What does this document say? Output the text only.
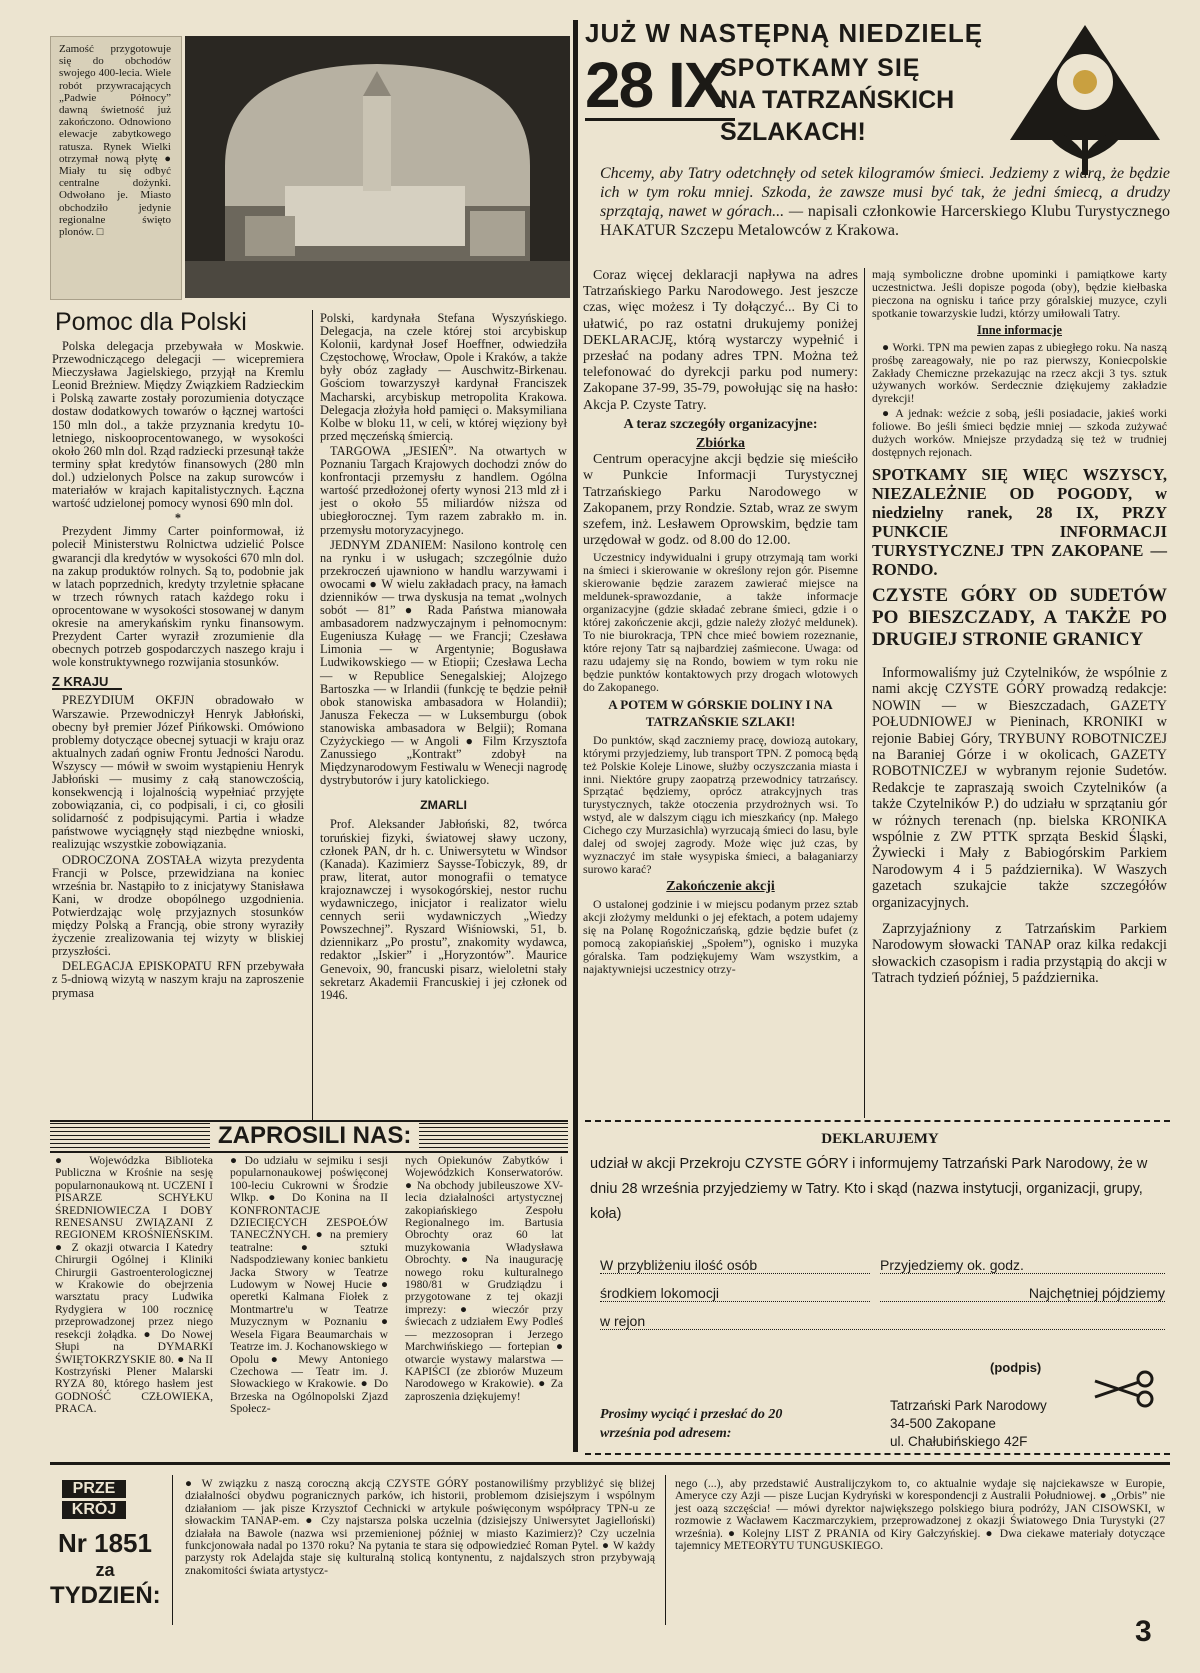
Zamość przygotowuje się do obchodów swojego 400-lecia. Wiele robót przywracających „Padwie Północy” dawną świetność już zakończono. Odnowiono elewacje zabytkowego ratusza. Rynek Wielki otrzymał nową płytę ● Miały tu się odbyć centralne dożynki. Odwołano je. Miasto obchodziło jedynie regionalne święto plonów. □

Pomoc dla Polski

Polska delegacja przebywała w Moskwie. Przewodniczącego delegacji — wicepremiera Mieczysława Jagielskiego, przyjął na Kremlu Leonid Breżniew. Między Związkiem Radzieckim i Polską zawarte zostały porozumienia dotyczące dostaw dodatkowych towarów o łącznej wartości 150 mln dol., a także przyznania kredytu 10-letniego, niskooprocentowanego, w wysokości około 260 mln dol. Rząd radziecki przesunął także terminy spłat kredytów finansowych (280 mln dol.) udzielonych Polsce na zakup surowców i materiałów w krajach kapitalistycznych. Łączna wartość udzielonej pomocy wynosi 690 mln dol.

*

Prezydent Jimmy Carter poinformował, iż polecił Ministerstwu Rolnictwa udzielić Polsce gwarancji dla kredytów w wysokości 670 mln dol. na zakup produktów rolnych. Są to, podobnie jak w latach poprzednich, kredyty trzyletnie spłacane w trzech równych ratach każdego roku i oprocentowane w wysokości stosowanej w danym okresie na amerykańskim rynku finansowym. Prezydent Carter wyraził zrozumienie dla obecnych potrzeb gospodarczych naszego kraju i wole konstruktywnego rozwijania stosunków.

Z KRAJU

PREZYDIUM OKFJN obradowało w Warszawie. Przewodniczył Henryk Jabłoński, obecny był premier Józef Pińkowski. Omówiono problemy dotyczące obecnej sytuacji w kraju oraz aktualnych zadań ogniw Frontu Jedności Narodu. Wszyscy — mówił w swoim wystąpieniu Henryk Jabłoński — musimy z całą stanowczością, konsekwencją i lojalnością wypełniać przyjęte zobowiązania, ci, co podpisali, i ci, co głosili solidarność z podpisującymi. Partia i władze państwowe wyciągnęły stąd niezbędne wnioski, realizując wszystkie zobowiązania.

ODROCZONA ZOSTAŁA wizyta prezydenta Francji w Polsce, przewidziana na koniec września br. Nastąpiło to z inicjatywy Stanisława Kani, w drodze obopólnego uzgodnienia. Potwierdzając wolę przyjaznych stosunków między Polską a Francją, obie strony wyraziły życzenie zrealizowania tej wizyty w bliskiej przyszłości.

DELEGACJA EPISKOPATU RFN przebywała z 5-dniową wizytą w naszym kraju na zaproszenie prymasa

Polski, kardynała Stefana Wyszyńskiego. Delegacja, na czele której stoi arcybiskup Kolonii, kardynał Josef Hoeffner, odwiedziła Częstochowę, Wrocław, Opole i Kraków, a także były obóz zagłady — Auschwitz-Birkenau. Gościom towarzyszył kardynał Franciszek Macharski, arcybiskup metropolita Krakowa. Delegacja złożyła hołd pamięci o. Maksymiliana Kolbe w bloku 11, w celi, w której więziony był przed męczeńską śmiercią.

TARGOWA „JESIEŃ”. Na otwartych w Poznaniu Targach Krajowych dochodzi znów do konfrontacji przemysłu z handlem. Ogólna wartość przedłożonej oferty wynosi 213 mld zł i jest o około 55 miliardów niższa od ubiegłorocznej. Tym razem zabrakło m. in. przemysłu motoryzacyjnego.

JEDNYM ZDANIEM: Nasilono kontrolę cen na rynku i w usługach; szczególnie dużo przekroczeń ujawniono w handlu warzywami i owocami ● W wielu zakładach pracy, na łamach dzienników — trwa dyskusja na temat „wolnych sobót — 81” ● Rada Państwa mianowała ambasadorem nadzwyczajnym i pełnomocnym: Eugeniusza Kułagę — we Francji; Czesława Limonia — w Argentynie; Bogusława Ludwikowskiego — w Etiopii; Czesława Lecha — w Republice Senegalskiej; Alojzego Bartoszka — w Irlandii (funkcję te będzie pełnił obok stanowiska ambasadora w Holandii); Janusza Fekecza — w Luksemburgu (obok stanowiska ambasadora w Belgii); Romana Czyżyckiego — w Angoli ● Film Krzysztofa Zanussiego „Kontrakt” zdobył na Międzynarodowym Festiwalu w Wenecji nagrodę dystrybutorów i jury katolickiego.

ZMARLI

Prof. Aleksander Jabłoński, 82, twórca toruńskiej fizyki, światowej sławy uczony, członek PAN, dr h. c. Uniwersytetu w Windsor (Kanada). Kazimierz Saysse-Tobiczyk, 89, dr praw, literat, autor monografii o tematyce krajoznawczej i wysokogórskiej, nestor ruchu wydawniczego, inicjator i realizator wielu cennych serii wydawniczych „Wiedzy Powszechnej”. Ryszard Wiśniowski, 51, b. dziennikarz „Po prostu”, znakomity wydawca, redaktor „Iskier” i „Horyzontów”. Maurice Genevoix, 90, francuski pisarz, wieloletni stały sekretarz Akademii Francuskiej i jej członek od 1946.

ZAPROSILI NAS:
● Wojewódzka Biblioteka Publiczna w Krośnie na sesję popularnonaukową nt. UCZENI I PISARZE SCHYŁKU ŚREDNIOWIECZA I DOBY RENESANSU ZWIĄZANI Z REGIONEM KROŚNIEŃSKIM. ● Z okazji otwarcia I Katedry Chirurgii Ogólnej i Kliniki Chirurgii Gastroenterologicznej w Krakowie do obejrzenia warsztatu pracy Ludwika Rydygiera w 100 rocznicę przeprowadzonej przez niego resekcji żołądka. ● Do Nowej Słupi na DYMARKI ŚWIĘTOKRZYSKIE 80. ● Na II Kostrzyński Plener Malarski RYZA 80, którego hasłem jest GODNOŚĆ CZŁOWIEKA, PRACA.
● Do udziału w sejmiku i sesji popularnonaukowej poświęconej 100-leciu Cukrowni w Środzie Wlkp. ● Do Konina na II KONFRONTACJE DZIECIĘCYCH ZESPOŁÓW TANECZNYCH. ● na premiery teatralne: ● sztuki Nadspodziewany koniec bankietu Jacka Stwory w Teatrze Ludowym w Nowej Hucie ● operetki Kalmana Fiołek z Montmartre'u w Teatrze Muzycznym w Poznaniu ● Wesela Figara Beaumarchais w Teatrze im. J. Kochanowskiego w Opolu ● Mewy Antoniego Czechowa — Teatr im. J. Słowackiego w Krakowie. ● Do Brzeska na Ogólnopolski Zjazd Społecz-
nych Opiekunów Zabytków i Wojewódzkich Konserwatorów. ● Na obchody jubileuszowe XV-lecia działalności artystycznej zakopiańskiego Zespołu Regionalnego im. Bartusia Obrochty oraz 60 lat muzykowania Władysława Obrochty. ● Na inaugurację nowego roku kulturalnego 1980/81 w Grudziądzu i przygotowane z tej okazji imprezy: ● wieczór przy świecach z udziałem Ewy Podleś — mezzosopran i Jerzego Marchwińskiego — fortepian ● otwarcie wystawy malarstwa — KAPIŚCI (ze zbiorów Muzeum Narodowego w Krakowie). ● Za zaproszenia dziękujemy!
JUŻ W NASTĘPNĄ NIEDZIELĘ
28 IX
SPOTKAMY SIĘ
NA TATRZAŃSKICH
SZLAKACH!
Chcemy, aby Tatry odetchnęły od setek kilogramów śmieci. Jedziemy z wiarą, że będzie ich w tym roku mniej. Szkoda, że zawsze musi być tak, że jedni śmiecą, a drudzy sprzątają, nawet w górach... — napisali członkowie Harcerskiego Klubu Turystycznego HAKATUR Szczepu Metalowców z Krakowa.

Coraz więcej deklaracji napływa na adres Tatrzańskiego Parku Narodowego. Jest jeszcze czas, więc możesz i Ty dołączyć... By Ci to ułatwić, po raz ostatni drukujemy poniżej DEKLARACJĘ, którą wystarczy wypełnić i przesłać na podany adres TPN. Można też telefonować do dyrekcji parku pod numery: Zakopane 37-99, 35-79, powołując się na hasło: Akcja P. Czyste Tatry.

A teraz szczegóły organizacyjne:
Zbiórka

Centrum operacyjne akcji będzie się mieściło w Punkcie Informacji Turystycznej Tatrzańskiego Parku Narodowego w Zakopanem, przy Rondzie. Sztab, wraz ze swym szefem, inż. Lesławem Oprowskim, będzie tam urzędował w godz. od 8.00 do 12.00.

Uczestnicy indywidualni i grupy otrzymają tam worki na śmieci i skierowanie w określony rejon gór. Pisemne skierowanie będzie zarazem zawierać miejsce na meldunek-sprawozdanie, a także informacje organizacyjne (gdzie składać zebrane śmieci, gdzie i o której zakończenie akcji, gdzie należy złożyć meldunek). To nie biurokracja, TPN chce mieć bowiem rozeznanie, które rejony Tatr są najbardziej zaśmiecone. Uwaga: od razu udajemy się na Rondo, bowiem w tym roku nie będzie punktów kontaktowych przy drogach wlotowych do Zakopanego.

A POTEM W GÓRSKIE DOLINY I NA TATRZAŃSKIE SZLAKI!

Do punktów, skąd zaczniemy pracę, dowiozą autokary, którymi przyjedziemy, lub transport TPN. Z pomocą będą też Polskie Koleje Linowe, służby oczyszczania miasta i inni. Niektóre grupy zaopatrzą przewodnicy tatrzańscy. Sprzątać będziemy, oprócz atrakcyjnych tras turystycznych, także otoczenia przydrożnych wsi. To wstyd, ale w dalszym ciągu ich mieszkańcy (np. Małego Cichego czy Murzasichla) wyrzucają śmieci do lasu, byle dalej od swojej zagrody. Może więc już czas, by wyznaczyć im stałe wysypiska śmieci, a bałaganiarzy surowo karać?

Zakończenie akcji

O ustalonej godzinie i w miejscu podanym przez sztab akcji złożymy meldunki o jej efektach, a potem udajemy się na Polanę Rogoźniczańską, gdzie będzie bufet (z pomocą zakopiańskiej „Społem”), ognisko i muzyka góralska. Tam podziękujemy Wam wszystkim, a najaktywniejsi uczestnicy otrzy-

mają symboliczne drobne upominki i pamiątkowe karty uczestnictwa. Jeśli dopisze pogoda (oby), będzie kiełbaska pieczona na ognisku i tańce przy góralskiej muzyce, czyli spotkanie towarzyskie ludzi, którzy umiłowali Tatry.

Inne informacje

● Worki. TPN ma pewien zapas z ubiegłego roku. Na naszą prośbę zareagowały, nie po raz pierwszy, Koniecpolskie Zakłady Chemiczne przekazując na rzecz akcji 3 tys. sztuk używanych worków. Serdecznie dziękujemy zakładzie dyrekcji!

● A jednak: weźcie z sobą, jeśli posiadacie, jakieś worki foliowe. Bo jeśli śmieci będzie mniej — szkoda zużywać dużych worków. Mniejsze przydadzą się też w trudniej dostępnych rejonach.

SPOTKAMY SIĘ WIĘC WSZYSCY, NIEZALEŻNIE OD POGODY, w niedzielny ranek, 28 IX, PRZY PUNKCIE INFORMACJI TURYSTYCZNEJ TPN ZAKOPANE — RONDO.
CZYSTE GÓRY OD SUDETÓW PO BIESZCZADY, A TAKŻE PO DRUGIEJ STRONIE GRANICY

Informowaliśmy już Czytelników, że wspólnie z nami akcję CZYSTE GÓRY prowadzą redakcje: NOWIN — w Bieszczadach, GAZETY POŁUDNIOWEJ w Pieninach, KRONIKI w rejonie Babiej Góry, TRYBUNY ROBOTNICZEJ na Baraniej Górze i w okolicach, GAZETY ROBOTNICZEJ w wybranym rejonie Sudetów. Redakcje te zapraszają swoich Czytelników (a także Czytelników P.) do udziału w sprzątaniu gór w różnych terenach (np. bielska KRONIKA wspólnie z ZW PTTK sprząta Beskid Śląski, Żywiecki i Mały z Babiogórskim Parkiem Narodowym 4 i 5 października). W Waszych gazetach szukajcie także szczegółów organizacyjnych.

Zaprzyjaźniony z Tatrzańskim Parkiem Narodowym słowacki TANAP oraz kilka redakcji słowackich czasopism i radia przystąpią do akcji w Tatrach tydzień później, 5 października.

DEKLARUJEMY
udział w akcji Przekroju CZYSTE GÓRY i informujemy Tatrzański Park Narodowy, że w dniu 28 września przyjedziemy w Tatry. Kto i skąd (nazwa instytucji, organizacji, grupy, koła)
W przybliżeniu ilość osób	Przyjedziemy ok. godz.
środkiem lokomocji	Najchętniej pójdziemy
w rejon
(podpis)
Prosimy wyciąć i przesłać do 20 września pod adresem:
Tatrzański Park Narodowy
34-500 Zakopane
ul. Chałubińskiego 42F
PRZE
KRÓJ
Nr 1851
za
TYDZIEŃ:
● W związku z naszą coroczną akcją CZYSTE GÓRY postanowiliśmy przybliżyć się bliżej działalności obydwu pogranicznych parków, ich historii, problemom dzisiejszym i wspólnym działaniom — jak pisze Krzysztof Cechnicki w artykule poświęconym współpracy TPN-u ze słowackim TANAP-em. ● Czy najstarsza polska uczelnia (dzisiejszy Uniwersytet Jagielloński) działała na Bawole (nazwa wsi przemienionej później w miasto Kazimierz)? Czy uczelnia funkcjonowała nadal po 1370 roku? Na pytania te stara się odpowiedzieć Roman Pytel. ● W każdy parzysty rok Adelajda staje się kulturalną stolicą kontynentu, z najdalszych stron przybywają znakomitości świata artystycz-
nego (...), aby przedstawić Australijczykom to, co aktualnie wydaje się najciekawsze w Europie, Ameryce czy Azji — pisze Lucjan Kydryński w korespondencji z Australii Południowej. ● „Orbis” nie jest oazą szczęścia! — mówi dyrektor największego polskiego biura podróży, JAN CISOWSKI, w rozmowie z Wacławem Kaczmarczykiem, przeprowadzonej z okazji Światowego Dnia Turystyki (27 września). ● Kolejny LIST Z PRANIA od Kiry Gałczyńskiej. ● Dwa ciekawe materiały dotyczące tajemnicy METEORYTU TUNGUSKIEGO.
3
